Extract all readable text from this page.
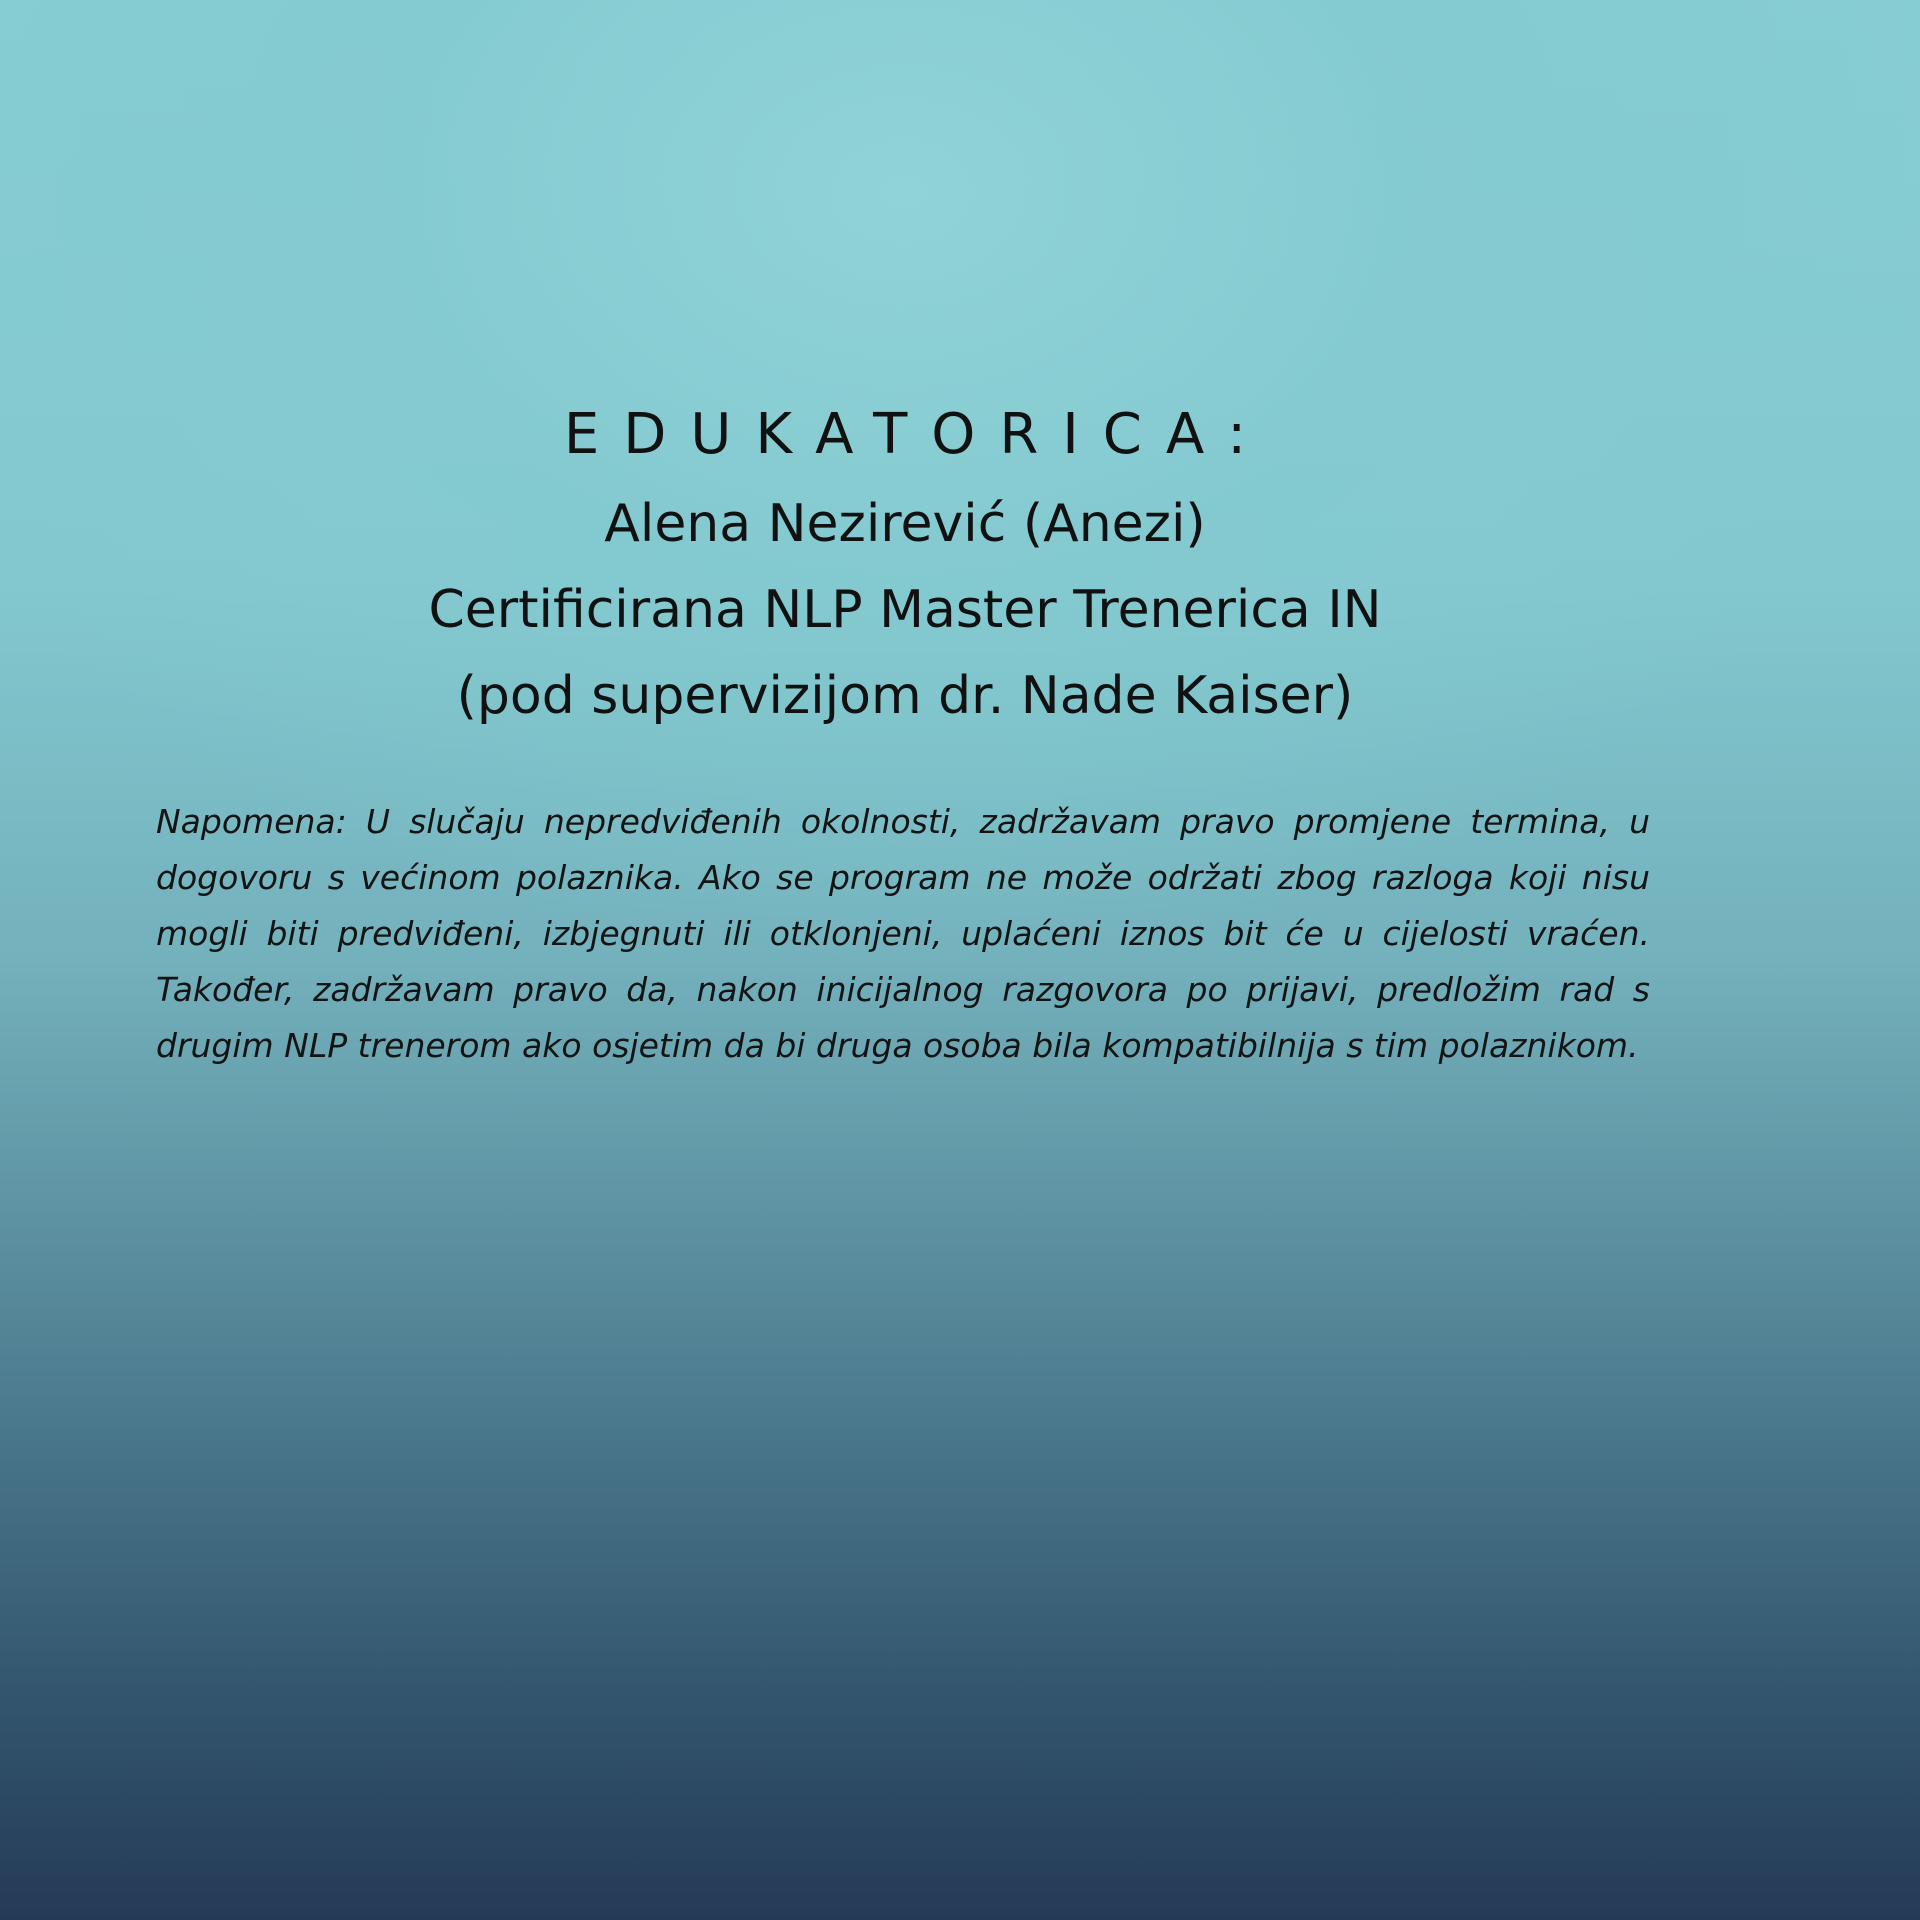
EDUKATORICA:
Alena Nezirević (Anezi)
Certificirana NLP Master Trenerica IN
(pod supervizijom dr. Nade Kaiser)

Napomena: U slučaju nepredviđenih okolnosti, zadržavam pravo promjene termina, u dogovoru s većinom polaznika. Ako se program ne može održati zbog razloga koji nisu mogli biti predviđeni, izbjegnuti ili otklonjeni, uplaćeni iznos bit će u cijelosti vraćen. Također, zadržavam pravo da, nakon inicijalnog razgovora po prijavi, predložim rad s drugim NLP trenerom ako osjetim da bi druga osoba bila kompatibilnija s tim polaznikom.
